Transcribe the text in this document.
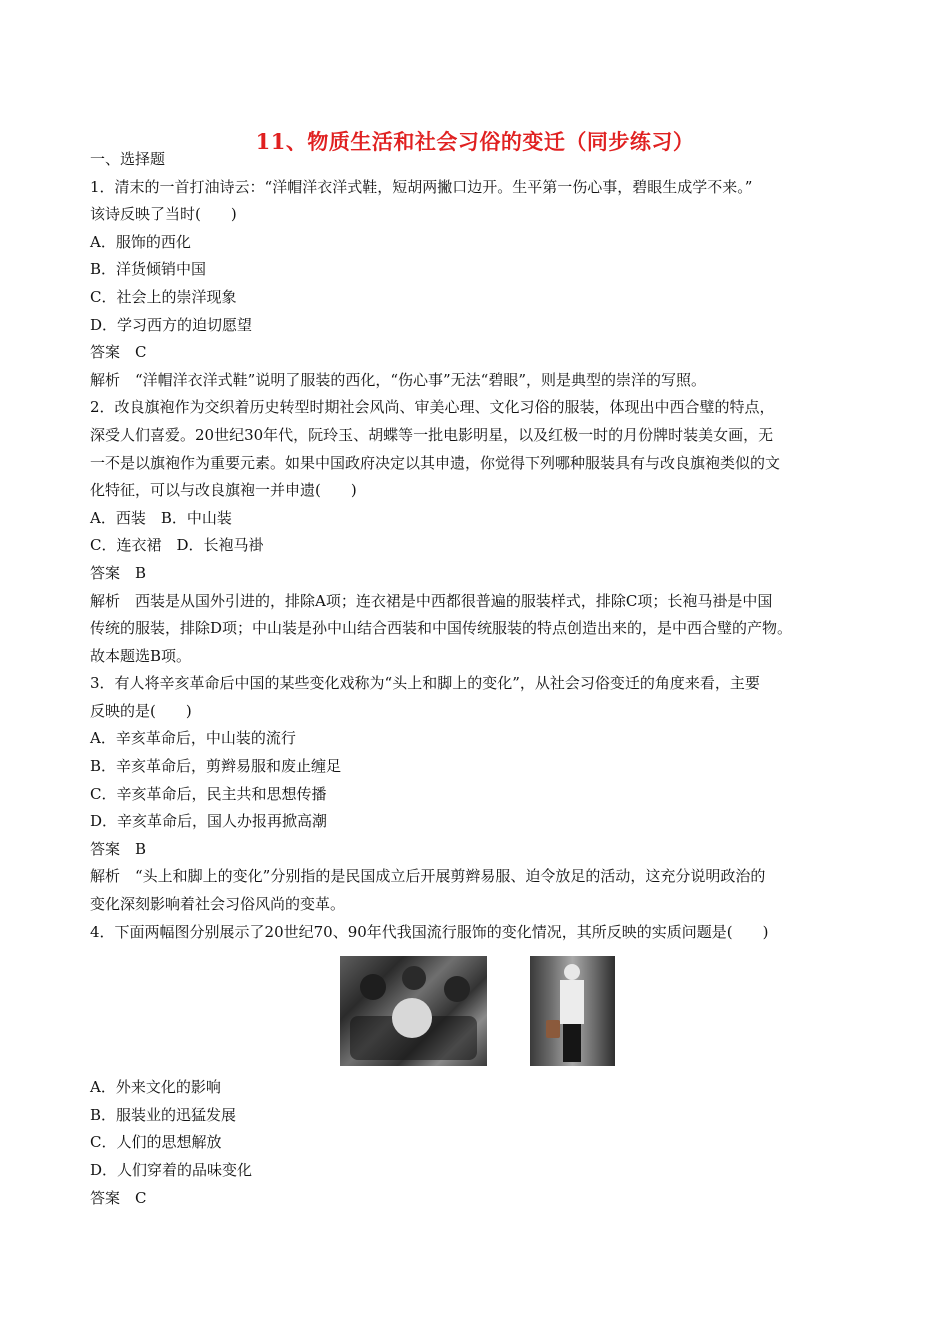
11、物质生活和社会习俗的变迁（同步练习）
一、选择题
1．清末的一首打油诗云：“洋帽洋衣洋式鞋，短胡两撇口边开。生平第一伤心事，碧眼生成学不来。”
该诗反映了当时(　　)
A．服饰的西化
B．洋货倾销中国
C．社会上的崇洋现象
D．学习西方的迫切愿望
答案　C
解析　“洋帽洋衣洋式鞋”说明了服装的西化，“伤心事”无法“碧眼”，则是典型的崇洋的写照。
2．改良旗袍作为交织着历史转型时期社会风尚、审美心理、文化习俗的服装，体现出中西合璧的特点，
深受人们喜爱。20世纪30年代，阮玲玉、胡蝶等一批电影明星，以及红极一时的月份牌时装美女画，无
一不是以旗袍作为重要元素。如果中国政府决定以其申遗，你觉得下列哪种服装具有与改良旗袍类似的文
化特征，可以与改良旗袍一并申遗(　　)
A．西装　B．中山装
C．连衣裙　D．长袍马褂
答案　B
解析　西装是从国外引进的，排除A项；连衣裙是中西都很普遍的服装样式，排除C项；长袍马褂是中国
传统的服装，排除D项；中山装是孙中山结合西装和中国传统服装的特点创造出来的，是中西合璧的产物。
故本题选B项。
3．有人将辛亥革命后中国的某些变化戏称为“头上和脚上的变化”，从社会习俗变迁的角度来看，主要
反映的是(　　)
A．辛亥革命后，中山装的流行
B．辛亥革命后，剪辫易服和废止缠足
C．辛亥革命后，民主共和思想传播
D．辛亥革命后，国人办报再掀高潮
答案　B
解析　“头上和脚上的变化”分别指的是民国成立后开展剪辫易服、迫令放足的活动，这充分说明政治的
变化深刻影响着社会习俗风尚的变革。
4．下面两幅图分别展示了20世纪70、90年代我国流行服饰的变化情况，其所反映的实质问题是(　　)
A．外来文化的影响
B．服装业的迅猛发展
C．人们的思想解放
D．人们穿着的品味变化
答案　C
